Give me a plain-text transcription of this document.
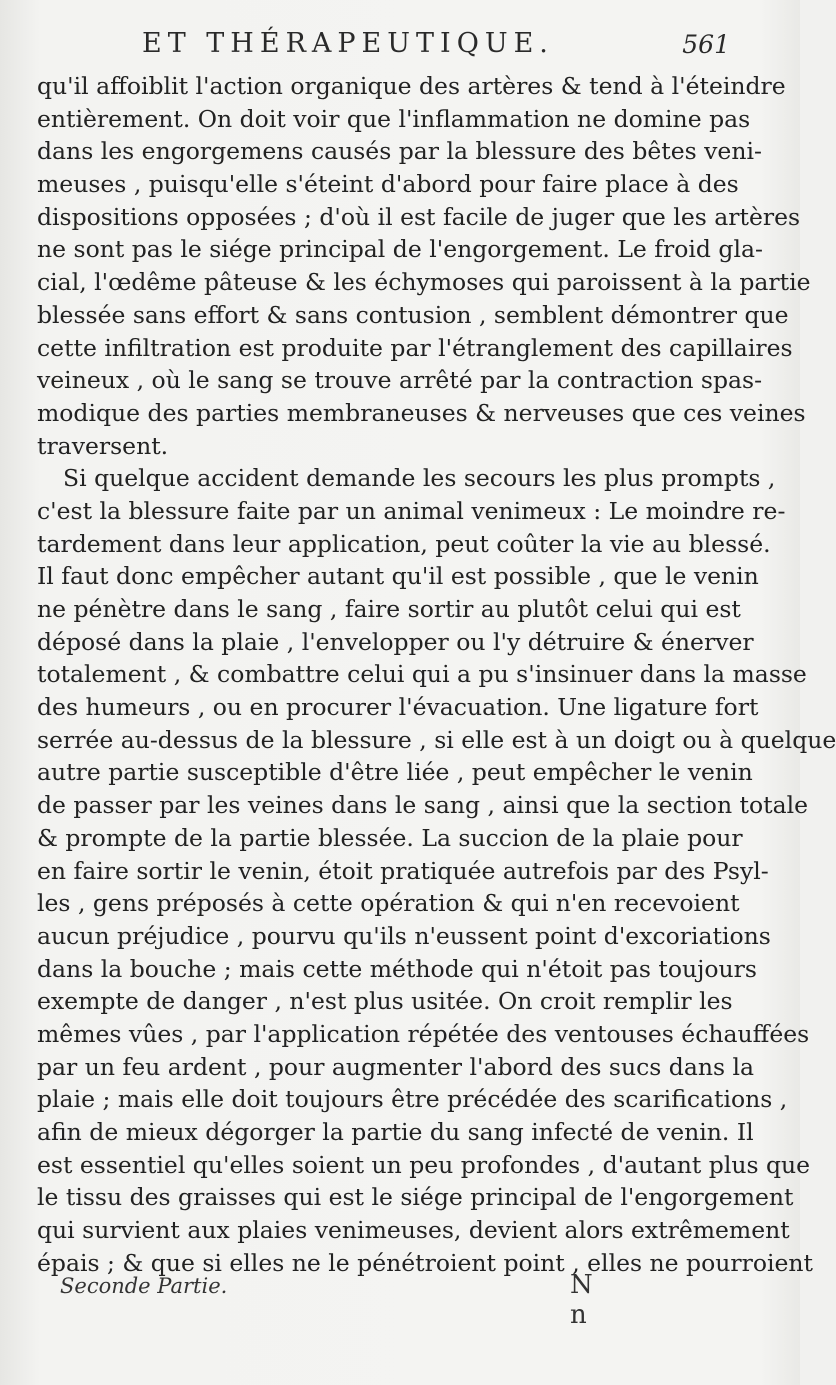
ET THÉRAPEUTIQUE.	561
qu'il affoiblit l'action organique des artères & tend à l'éteindre
entièrement. On doit voir que l'inflammation ne domine pas
dans les engorgemens causés par la blessure des bêtes veni-
meuses , puisqu'elle s'éteint d'abord pour faire place à des
dispositions opposées ; d'où il est facile de juger que les artères
ne sont pas le siége principal de l'engorgement. Le froid gla-
cial, l'œdême pâteuse & les échymoses qui paroissent à la partie
blessée sans effort & sans contusion , semblent démontrer que
cette infiltration est produite par l'étranglement des capillaires
veineux , où le sang se trouve arrêté par la contraction spas-
modique des parties membraneuses & nerveuses que ces veines
traversent.
Si quelque accident demande les secours les plus prompts ,
c'est la blessure faite par un animal venimeux : Le moindre re-
tardement dans leur application, peut coûter la vie au blessé.
Il faut donc empêcher autant qu'il est possible , que le venin
ne pénètre dans le sang , faire sortir au plutôt celui qui est
déposé dans la plaie , l'envelopper ou l'y détruire & énerver
totalement , & combattre celui qui a pu s'insinuer dans la masse
des humeurs , ou en procurer l'évacuation. Une ligature fort
serrée au-dessus de la blessure , si elle est à un doigt ou à quelque
autre partie susceptible d'être liée , peut empêcher le venin
de passer par les veines dans le sang , ainsi que la section totale
& prompte de la partie blessée. La succion de la plaie pour
en faire sortir le venin, étoit pratiquée autrefois par des Psyl-
les , gens préposés à cette opération & qui n'en recevoient
aucun préjudice , pourvu qu'ils n'eussent point d'excoriations
dans la bouche ; mais cette méthode qui n'étoit pas toujours
exempte de danger , n'est plus usitée. On croit remplir les
mêmes vûes , par l'application répétée des ventouses échauffées
par un feu ardent , pour augmenter l'abord des sucs dans la
plaie ; mais elle doit toujours être précédée des scarifications ,
afin de mieux dégorger la partie du sang infecté de venin. Il
est essentiel qu'elles soient un peu profondes , d'autant plus que
le tissu des graisses qui est le siége principal de l'engorgement
qui survient aux plaies venimeuses, devient alors extrêmement
épais ; & que si elles ne le pénétroient point , elles ne pourroient
Seconde Partie.	N n
